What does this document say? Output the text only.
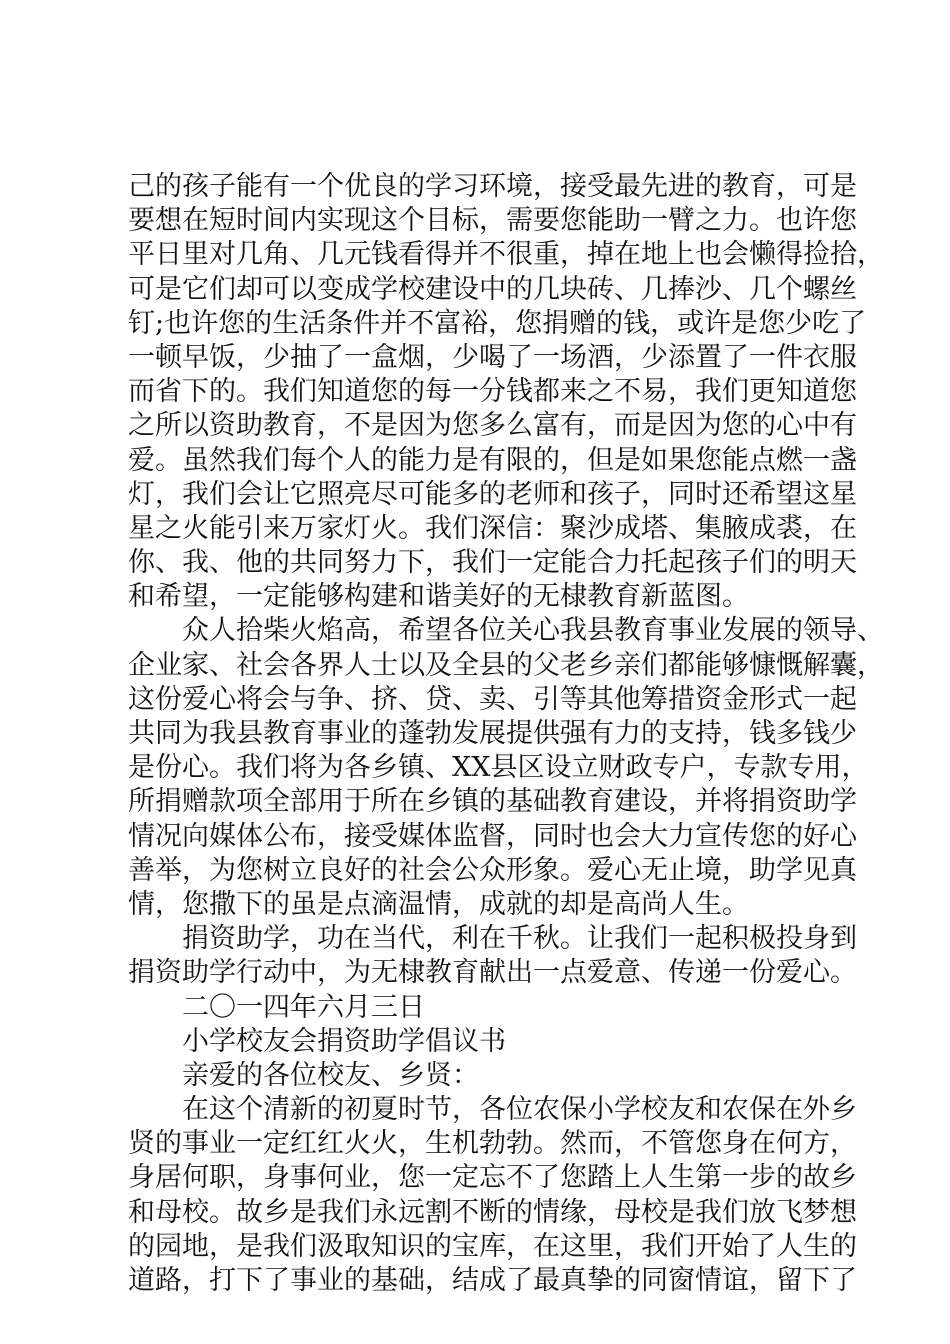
己的孩子能有一个优良的学习环境，接受最先进的教育，可是
要想在短时间内实现这个目标，需要您能助一臂之力。也许您
平日里对几角、几元钱看得并不很重，掉在地上也会懒得捡拾，
可是它们却可以变成学校建设中的几块砖、几捧沙、几个螺丝
钉;也许您的生活条件并不富裕，您捐赠的钱，或许是您少吃了
一顿早饭，少抽了一盒烟，少喝了一场酒，少添置了一件衣服
而省下的。我们知道您的每一分钱都来之不易，我们更知道您
之所以资助教育，不是因为您多么富有，而是因为您的心中有
爱。虽然我们每个人的能力是有限的，但是如果您能点燃一盏
灯，我们会让它照亮尽可能多的老师和孩子，同时还希望这星
星之火能引来万家灯火。我们深信：聚沙成塔、集腋成裘，在
你、我、他的共同努力下，我们一定能合力托起孩子们的明天
和希望，一定能够构建和谐美好的无棣教育新蓝图。
众人拾柴火焰高，希望各位关心我县教育事业发展的领导、
企业家、社会各界人士以及全县的父老乡亲们都能够慷慨解囊，
这份爱心将会与争、挤、贷、卖、引等其他筹措资金形式一起
共同为我县教育事业的蓬勃发展提供强有力的支持，钱多钱少
是份心。我们将为各乡镇、XX县区设立财政专户，专款专用，
所捐赠款项全部用于所在乡镇的基础教育建设，并将捐资助学
情况向媒体公布，接受媒体监督，同时也会大力宣传您的好心
善举，为您树立良好的社会公众形象。爱心无止境，助学见真
情，您撒下的虽是点滴温情，成就的却是高尚人生。
捐资助学，功在当代，利在千秋。让我们一起积极投身到
捐资助学行动中，为无棣教育献出一点爱意、传递一份爱心。
二〇一四年六月三日
小学校友会捐资助学倡议书
亲爱的各位校友、乡贤：
在这个清新的初夏时节，各位农保小学校友和农保在外乡
贤的事业一定红红火火，生机勃勃。然而，不管您身在何方，
身居何职，身事何业，您一定忘不了您踏上人生第一步的故乡
和母校。故乡是我们永远割不断的情缘，母校是我们放飞梦想
的园地，是我们汲取知识的宝库，在这里，我们开始了人生的
道路，打下了事业的基础，结成了最真挚的同窗情谊，留下了
